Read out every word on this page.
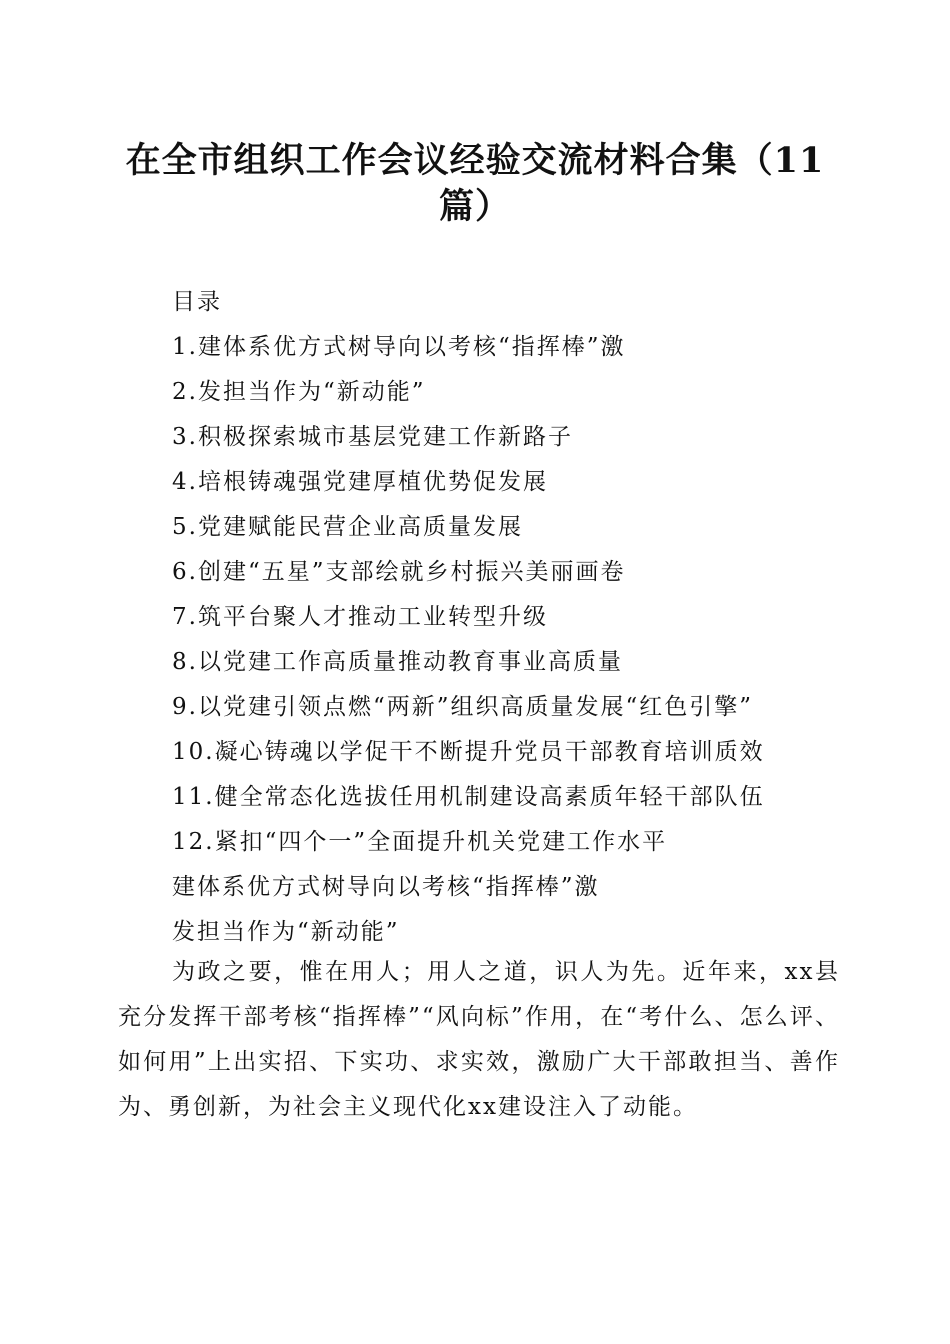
在全市组织工作会议经验交流材料合集（11篇）
目录
1.建体系优方式树导向以考核“指挥棒”激
2.发担当作为“新动能”
3.积极探索城市基层党建工作新路子
4.培根铸魂强党建厚植优势促发展
5.党建赋能民营企业高质量发展
6.创建“五星”支部绘就乡村振兴美丽画卷
7.筑平台聚人才推动工业转型升级
8.以党建工作高质量推动教育事业高质量
9.以党建引领点燃“两新”组织高质量发展“红色引擎”
10.凝心铸魂以学促干不断提升党员干部教育培训质效
11.健全常态化选拔任用机制建设高素质年轻干部队伍
12.紧扣“四个一”全面提升机关党建工作水平
建体系优方式树导向以考核“指挥棒”激
发担当作为“新动能”
为政之要，惟在用人；用人之道，识人为先。近年来，xx县充分发挥干部考核“指挥棒”“风向标”作用，在“考什么、怎么评、如何用”上出实招、下实功、求实效，激励广大干部敢担当、善作为、勇创新，为社会主义现代化xx建设注入了动能。
